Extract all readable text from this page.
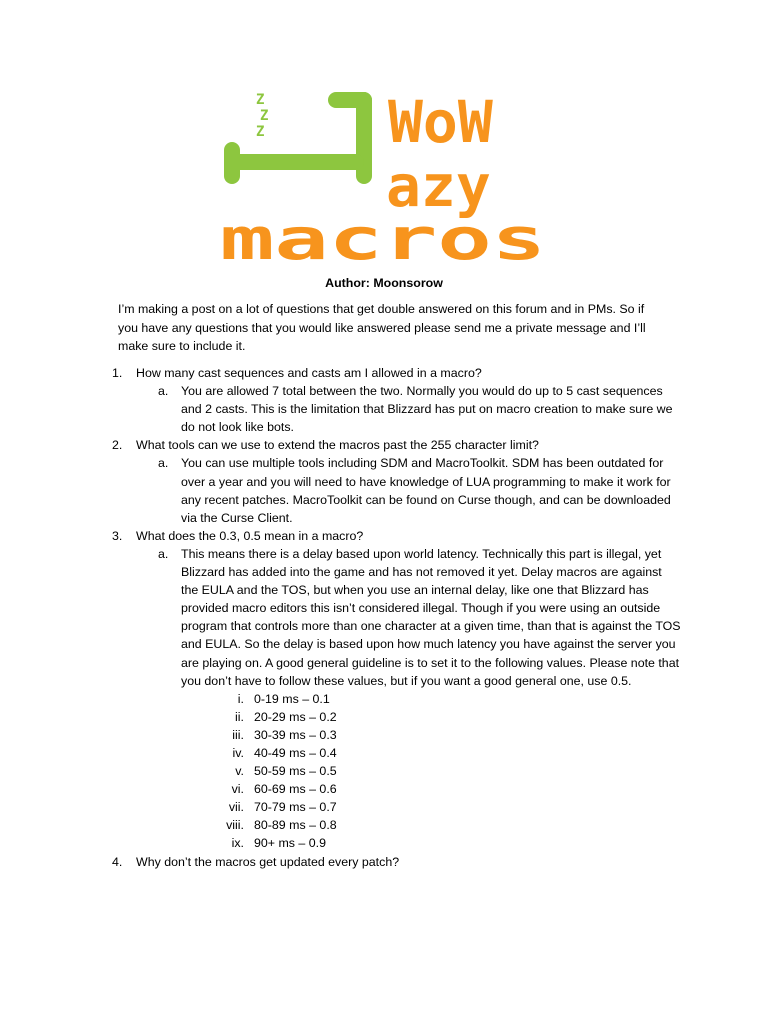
Z
Z
Z WoW
azy
macros
Author: Moonsorow
I’m making a post on a lot of questions that get double answered on this forum and in PMs. So if you have any questions that you would like answered please send me a private message and I’ll make sure to include it.
1. How many cast sequences and casts am I allowed in a macro?
a. You are allowed 7 total between the two. Normally you would do up to 5 cast sequences and 2 casts. This is the limitation that Blizzard has put on macro creation to make sure we do not look like bots.
2. What tools can we use to extend the macros past the 255 character limit?
a. You can use multiple tools including SDM and MacroToolkit. SDM has been outdated for over a year and you will need to have knowledge of LUA programming to make it work for any recent patches. MacroToolkit can be found on Curse though, and can be downloaded via the Curse Client.
3. What does the 0.3, 0.5 mean in a macro?
a. This means there is a delay based upon world latency. Technically this part is illegal, yet Blizzard has added into the game and has not removed it yet. Delay macros are against the EULA and the TOS, but when you use an internal delay, like one that Blizzard has provided macro editors this isn’t considered illegal. Though if you were using an outside program that controls more than one character at a given time, than that is against the TOS and EULA. So the delay is based upon how much latency you have against the server you are playing on. A good general guideline is to set it to the following values. Please note that you don’t have to follow these values, but if you want a good general one, use 0.5.
i. 0-19 ms – 0.1
ii. 20-29 ms – 0.2
iii. 30-39 ms – 0.3
iv. 40-49 ms – 0.4
v. 50-59 ms – 0.5
vi. 60-69 ms – 0.6
vii. 70-79 ms – 0.7
viii. 80-89 ms – 0.8
ix. 90+ ms – 0.9
4. Why don’t the macros get updated every patch?
